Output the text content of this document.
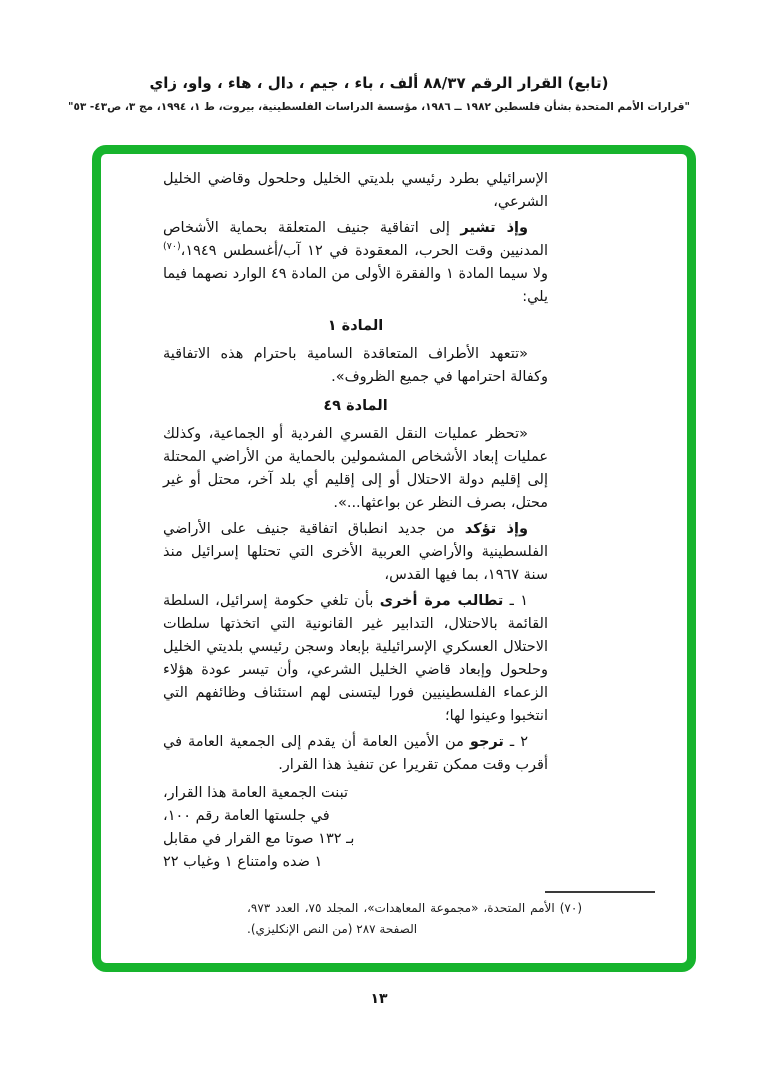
(تابع) القرار الرقم ٨٨/٣٧ ألف ، باء ، جيم ، دال ، هاء ، واو، زاي
"قرارات الأمم المتحدة بشأن فلسطين ١٩٨٢ ــ ١٩٨٦، مؤسسة الدراسات الفلسطينية، بيروت، ط ١، ١٩٩٤، مج ٣، ص٤٣- ٥٣"

الإسرائيلي بطرد رئيسي بلديتي الخليل وحلحول وقاضي الخليل الشرعي،

وإذ تشير إلى اتفاقية جنيف المتعلقة بحماية الأشخاص المدنيين وقت الحرب، المعقودة في ١٢ آب/أغسطس ١٩٤٩،$^{(٧٠)}$ ولا سيما المادة ١ والفقرة الأولى من المادة ٤٩ الوارد نصهما فيما يلي:

المادة ١

«تتعهد الأطراف المتعاقدة السامية باحترام هذه الاتفاقية وكفالة احترامها في جميع الظروف».

المادة ٤٩

«تحظر عمليات النقل القسري الفردية أو الجماعية، وكذلك عمليات إبعاد الأشخاص المشمولين بالحماية من الأراضي المحتلة إلى إقليم دولة الاحتلال أو إلى إقليم أي بلد آخر، محتل أو غير محتل، بصرف النظر عن بواعثها...».

وإذ تؤكد من جديد انطباق اتفاقية جنيف على الأراضي الفلسطينية والأراضي العربية الأخرى التي تحتلها إسرائيل منذ سنة ١٩٦٧، بما فيها القدس،

١ ـ تطالب مرة أخرى بأن تلغي حكومة إسرائيل، السلطة القائمة بالاحتلال، التدابير غير القانونية التي اتخذتها سلطات الاحتلال العسكري الإسرائيلية بإبعاد وسجن رئيسي بلديتي الخليل وحلحول وإبعاد قاضي الخليل الشرعي، وأن تيسر عودة هؤلاء الزعماء الفلسطينيين فورا ليتسنى لهم استئناف وظائفهم التي انتخبوا وعينوا لها؛

٢ ـ ترجو من الأمين العامة أن يقدم إلى الجمعية العامة في أقرب وقت ممكن تقريرا عن تنفيذ هذا القرار.

تبنت الجمعية العامة هذا القرار،
في جلستها العامة رقم ١٠٠،
بـ ١٣٢ صوتا مع القرار في مقابل
١ ضده وامتناع ١ وغياب ٢٢
(٧٠) الأمم المتحدة، «مجموعة المعاهدات»، المجلد ٧٥، العدد ٩٧٣، الصفحة ٢٨٧ (من النص الإنكليزي).
١٣
